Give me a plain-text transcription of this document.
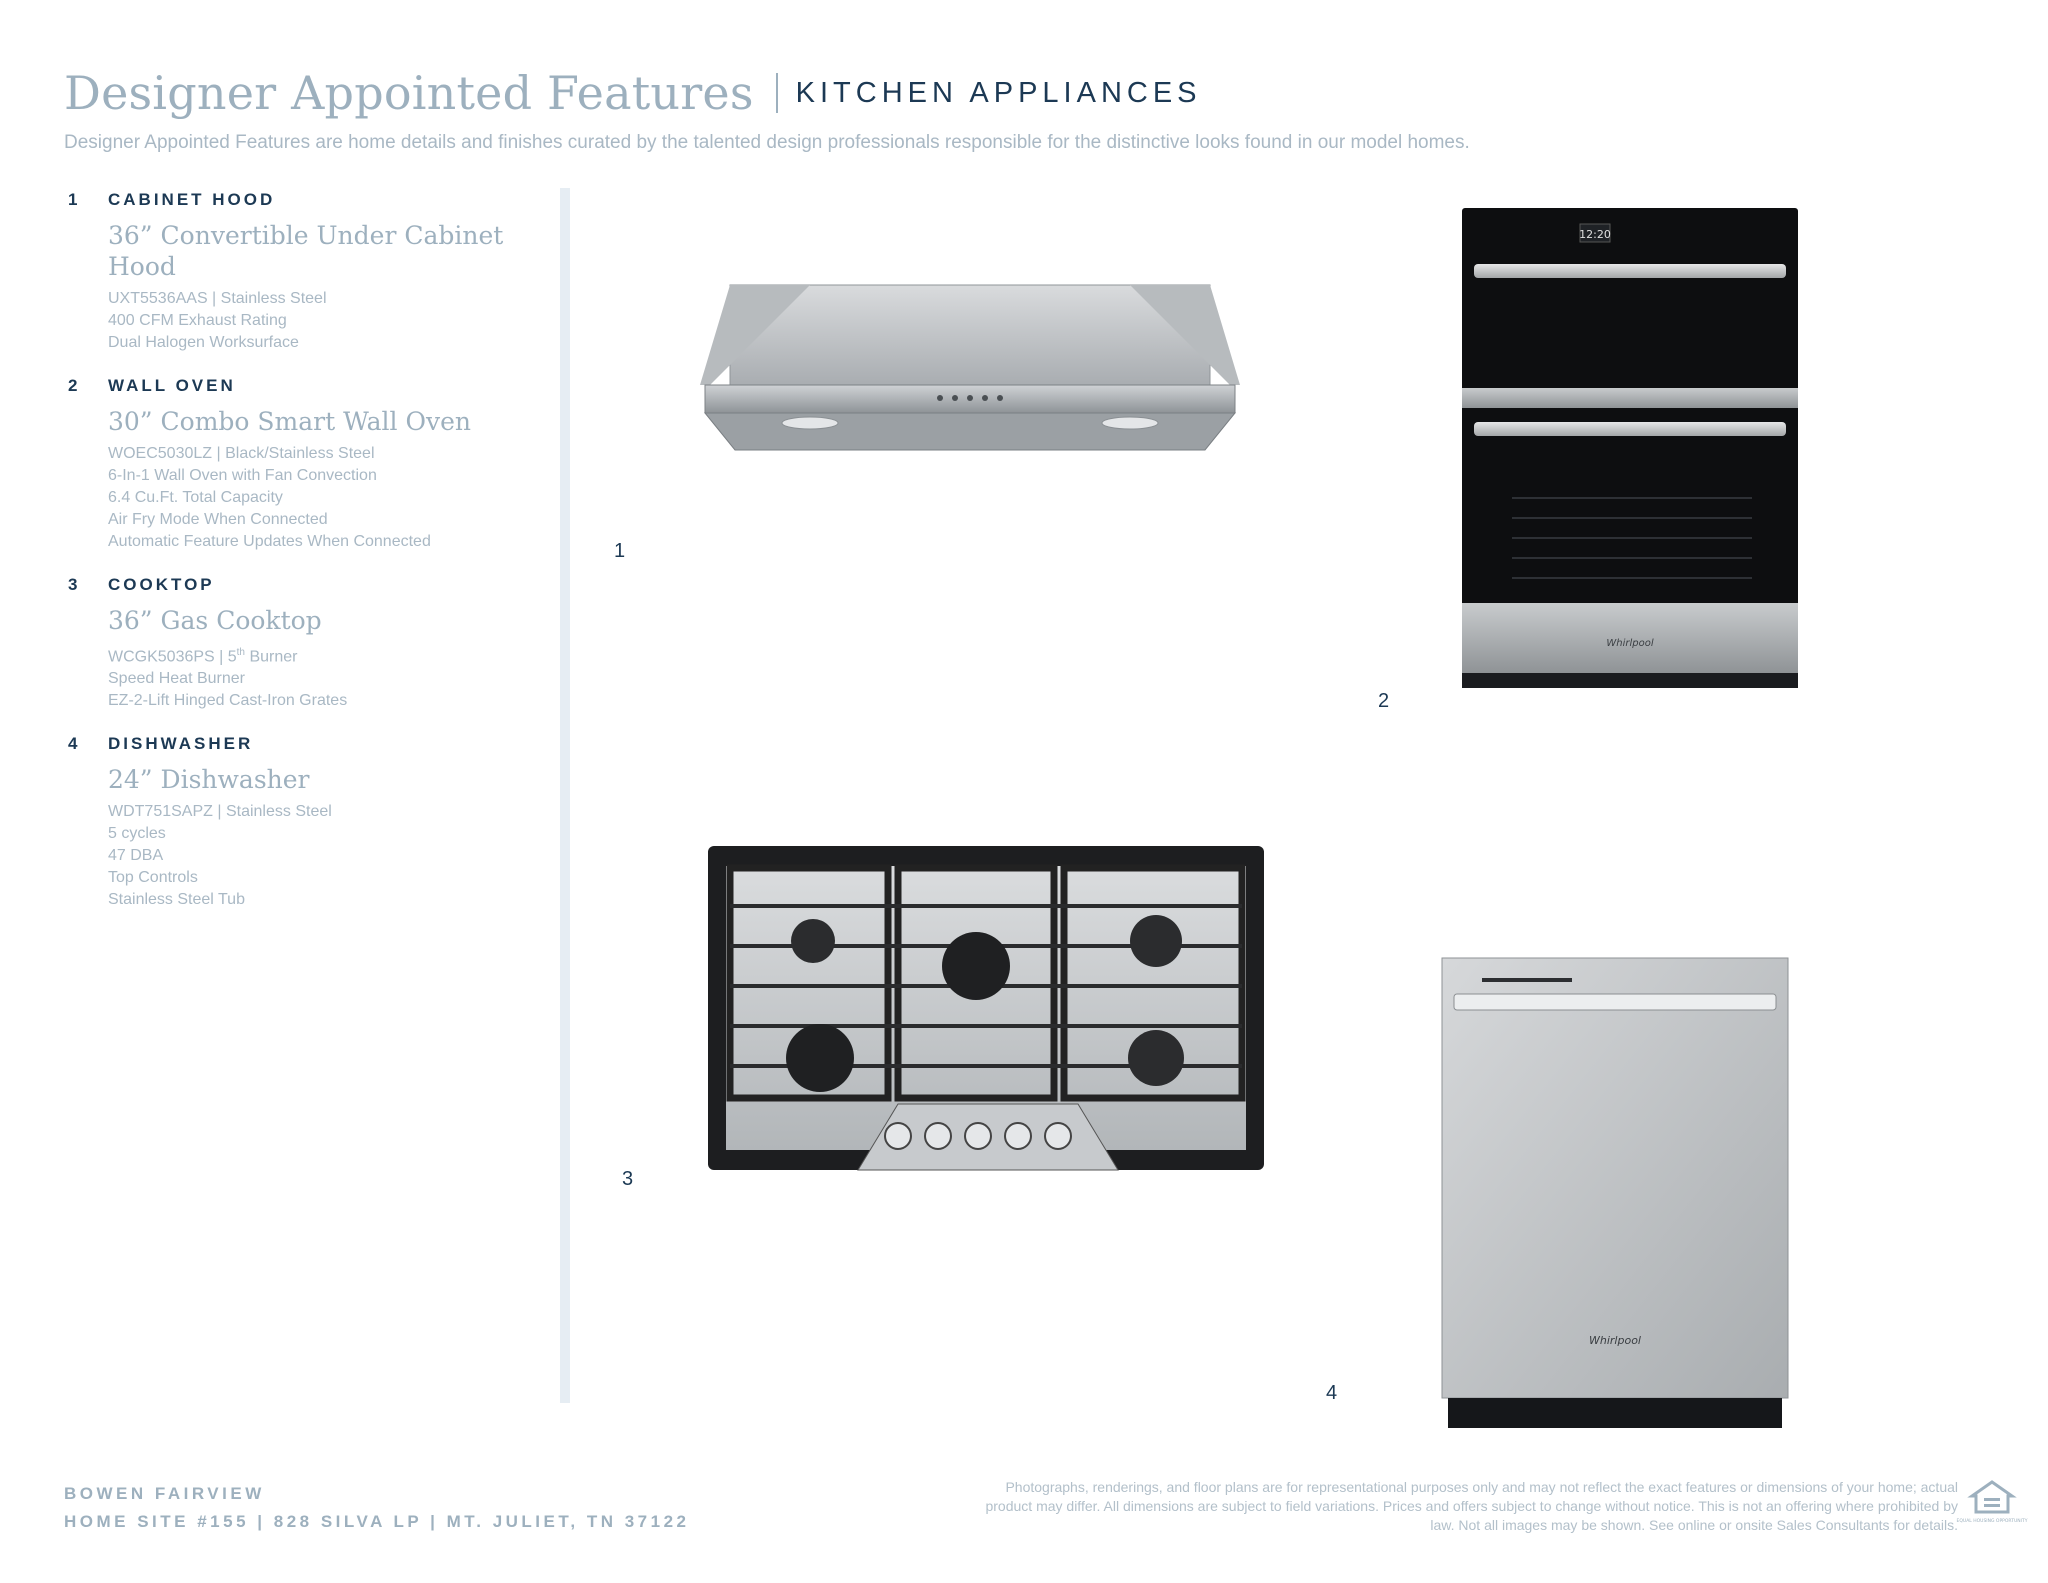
Designer Appointed Features KITCHEN APPLIANCES
Designer Appointed Features are home details and finishes curated by the talented design professionals responsible for the distinctive looks found in our model homes.
1	CABINET HOOD
36” Convertible Under Cabinet Hood
UXT5536AAS | Stainless Steel
400 CFM Exhaust Rating
Dual Halogen Worksurface
2	WALL OVEN
30” Combo Smart Wall Oven
WOEC5030LZ | Black/Stainless Steel
6-In-1 Wall Oven with Fan Convection
6.4 Cu.Ft. Total Capacity
Air Fry Mode When Connected
Automatic Feature Updates When Connected
3	COOKTOP
36” Gas Cooktop
WCGK5036PS | 5th Burner
Speed Heat Burner
EZ-2-Lift Hinged Cast-Iron Grates
4	DISHWASHER
24” Dishwasher
WDT751SAPZ | Stainless Steel
5 cycles
47 DBA
Top Controls
Stainless Steel Tub
1
12:20
Whirlpool
2
3
Whirlpool
4
BOWEN FAIRVIEW
HOME SITE #155 | 828 SILVA LP | MT. JULIET, TN 37122
Photographs, renderings, and floor plans are for representational purposes only and may not reflect the exact features or dimensions of your home; actual product may differ. All dimensions are subject to field variations. Prices and offers subject to change without notice. This is not an offering where prohibited by law. Not all images may be shown. See online or onsite Sales Consultants for details.
EQUAL HOUSING OPPORTUNITY
